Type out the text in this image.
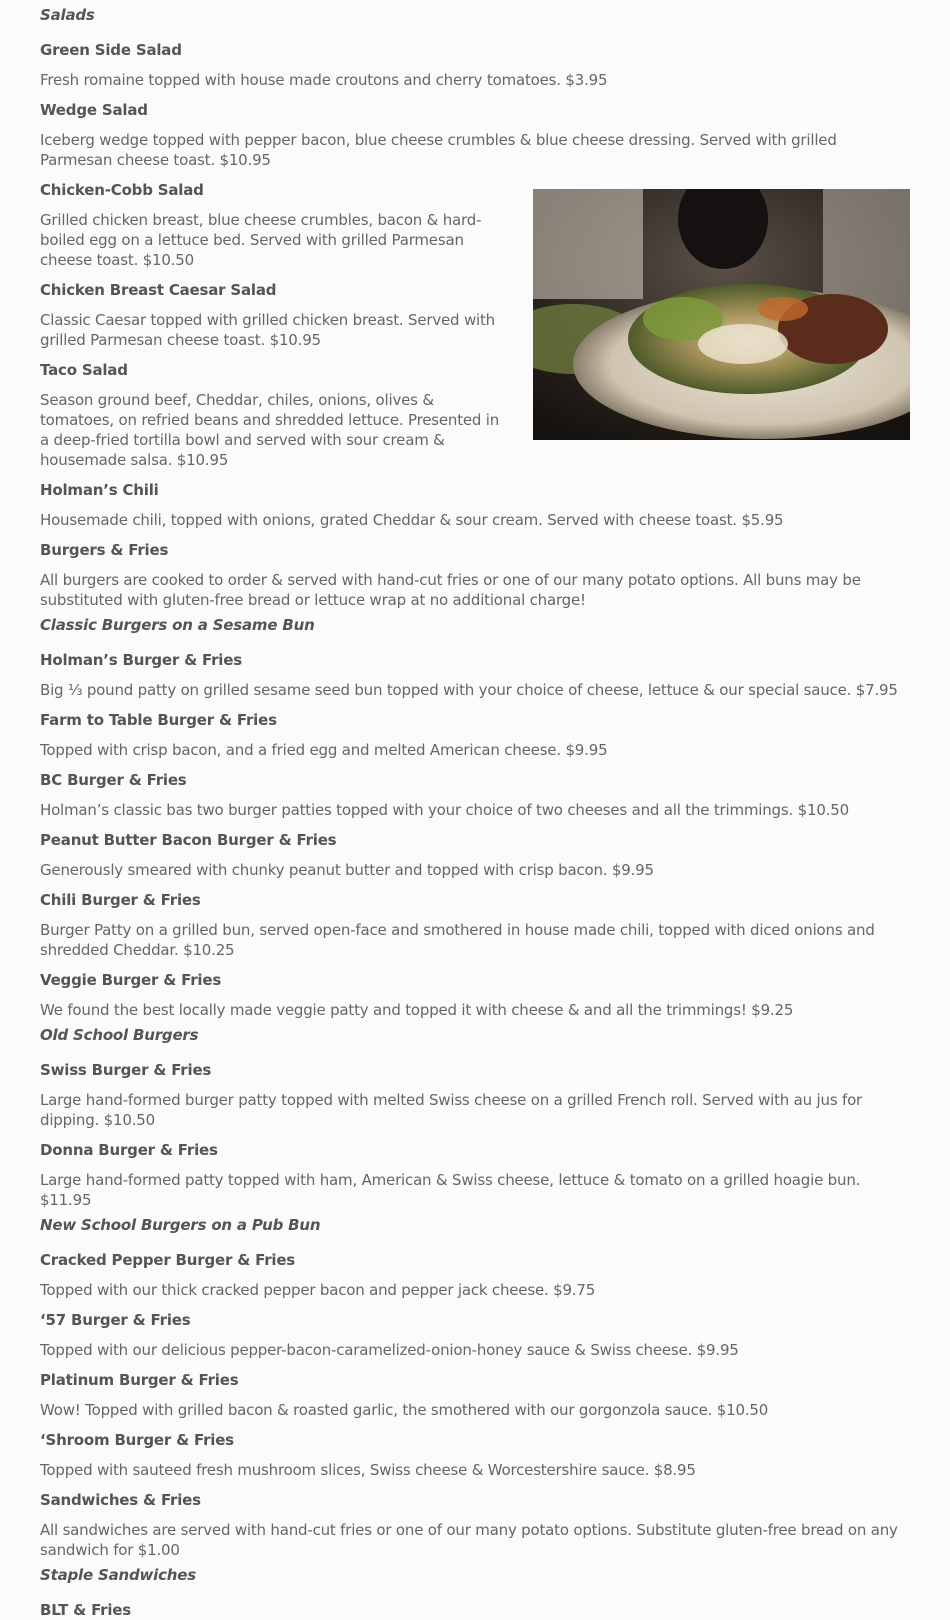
Salads

Green Side Salad

Fresh romaine topped with house made croutons and cherry tomatoes. $3.95

Wedge Salad

Iceberg wedge topped with pepper bacon, blue cheese crumbles & blue cheese dressing. Served with grilled Parmesan cheese toast. $10.95

Chicken-Cobb Salad

Grilled chicken breast, blue cheese crumbles, bacon & hard-boiled egg on a lettuce bed. Served with grilled Parmesan cheese toast. $10.50

Chicken Breast Caesar Salad

Classic Caesar topped with grilled chicken breast. Served with grilled Parmesan cheese toast. $10.95

Taco Salad

Season ground beef, Cheddar, chiles, onions, olives & tomatoes, on refried beans and shredded lettuce. Presented in a deep-fried tortilla bowl and served with sour cream & housemade salsa. $10.95

Holman’s Chili

Housemade chili, topped with onions, grated Cheddar & sour cream. Served with cheese toast. $5.95

Burgers & Fries

All burgers are cooked to order & served with hand-cut fries or one of our many potato options. All buns may be substituted with gluten-free bread or lettuce wrap at no additional charge!

Classic Burgers on a Sesame Bun

Holman’s Burger & Fries

Big ⅓ pound patty on grilled sesame seed bun topped with your choice of cheese, lettuce & our special sauce. $7.95

Farm to Table Burger & Fries

Topped with crisp bacon, and a fried egg and melted American cheese. $9.95

BC Burger & Fries

Holman’s classic bas two burger patties topped with your choice of two cheeses and all the trimmings. $10.50

Peanut Butter Bacon Burger & Fries

Generously smeared with chunky peanut butter and topped with crisp bacon. $9.95

Chili Burger & Fries

Burger Patty on a grilled bun, served open-face and smothered in house made chili, topped with diced onions and shredded Cheddar. $10.25

Veggie Burger & Fries

We found the best locally made veggie patty and topped it with cheese & and all the trimmings! $9.25

Old School Burgers

Swiss Burger & Fries

Large hand-formed burger patty topped with melted Swiss cheese on a grilled French roll. Served with au jus for dipping. $10.50

Donna Burger & Fries

Large hand-formed patty topped with ham, American & Swiss cheese, lettuce & tomato on a grilled hoagie bun. $11.95

New School Burgers on a Pub Bun

Cracked Pepper Burger & Fries

Topped with our thick cracked pepper bacon and pepper jack cheese. $9.75

‘57 Burger & Fries

Topped with our delicious pepper-bacon-caramelized-onion-honey sauce & Swiss cheese. $9.95

Platinum Burger & Fries

Wow! Topped with grilled bacon & roasted garlic, the smothered with our gorgonzola sauce. $10.50

‘Shroom Burger & Fries

Topped with sauteed fresh mushroom slices, Swiss cheese & Worcestershire sauce. $8.95

Sandwiches & Fries

All sandwiches are served with hand-cut fries or one of our many potato options. Substitute gluten-free bread on any sandwich for $1.00

Staple Sandwiches

BLT & Fries
